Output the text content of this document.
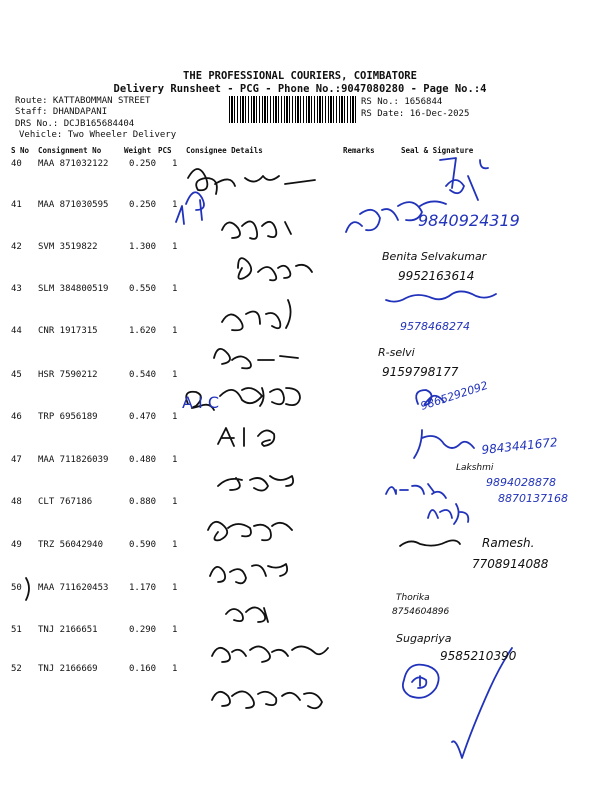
THE PROFESSIONAL COURIERS, COIMBATORE
Delivery Runsheet - PCG - Phone No.:9047080280 - Page No.:4
Route: KATTABOMMAN STREET
Staff: DHANDAPANI
DRS No.: DCJB165684404
Vehicle: Two Wheeler Delivery
RS No.: 1656844
RS Date: 16-Dec-2025
S No Consignment No	Weight PCS Consignee Details	Remarks	Seal & Signature
40 MAA 871032122 0.250 1
41 MAA 871030595 0.250 1
42 SVM 3519822	1.300 1
43 SLM 384800519 0.550 1
44 CNR 1917315	1.620 1
45 HSR 7590212	0.540 1
46 TRP 6956189	0.470 1
47 MAA 711826039 0.480 1
48 CLT 767186	0.880 1
49 TRZ 56042940	0.590 1
50 MAA 711620453 1.170 1
51 TNJ 2166651	0.290 1
52 TNJ 2166669	0.160 1
9840924319
Benita Selvakumar
9952163614
9578468274
R-selvi
9159798177
9865292092
A I C
9843441672
Lakshmi
9894028878
8870137168
Ramesh.
7708914088
Thorika
8754604896
Sugapriya
9585210390
